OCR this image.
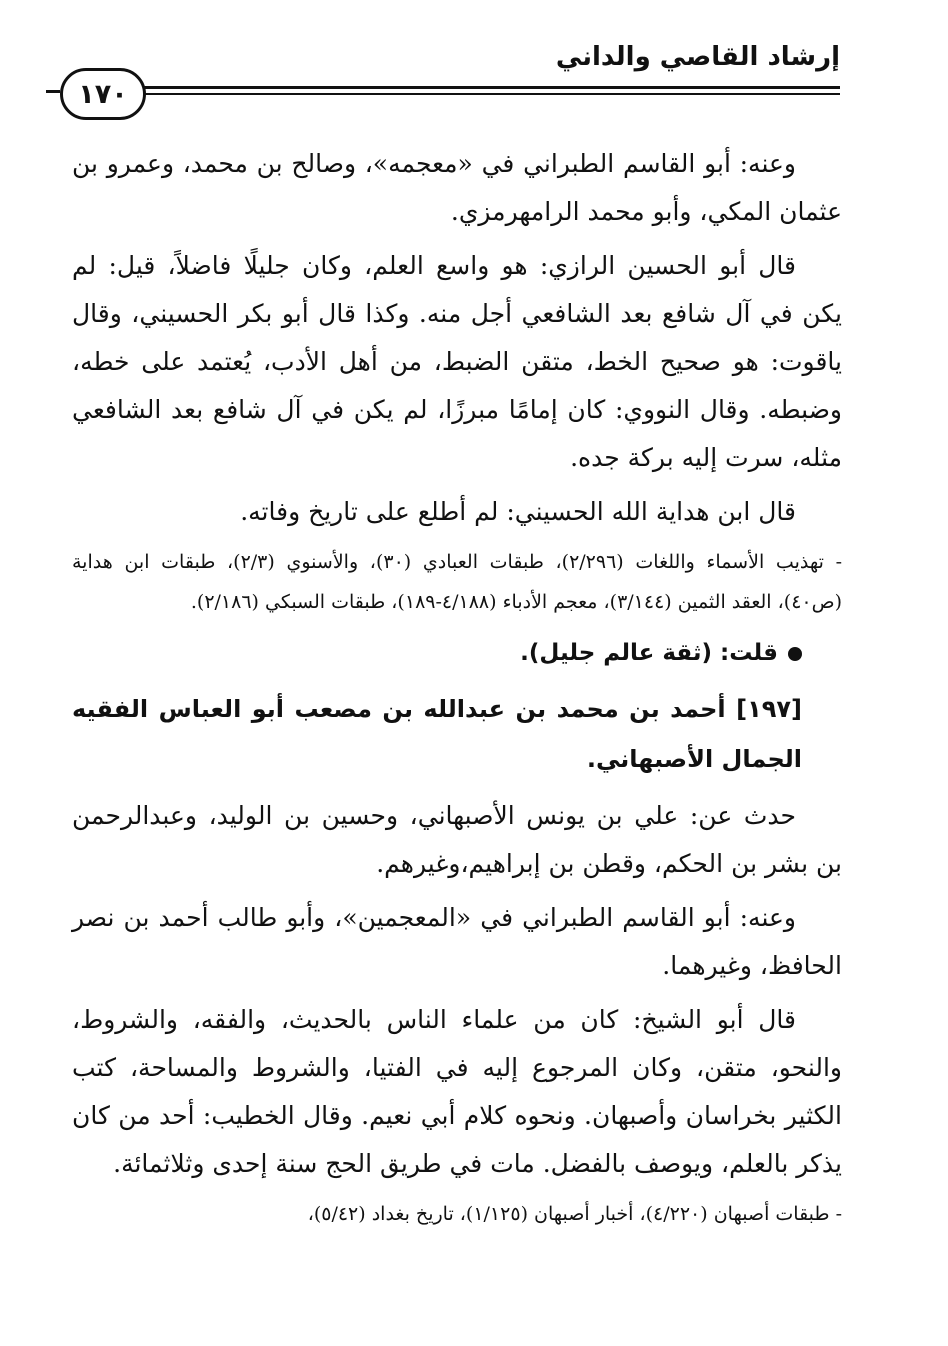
إرشاد القاصي والداني
١٧٠

وعنه: أبو القاسم الطبراني في «معجمه»، وصالح بن محمد، وعمرو بن عثمان المكي، وأبو محمد الرامهرمزي.

قال أبو الحسين الرازي: هو واسع العلم، وكان جليلًا فاضلاً، قيل: لم يكن في آل شافع بعد الشافعي أجل منه. وكذا قال أبو بكر الحسيني، وقال ياقوت: هو صحيح الخط، متقن الضبط، من أهل الأدب، يُعتمد على خطه، وضبطه. وقال النووي: كان إمامًا مبرزًا، لم يكن في آل شافع بعد الشافعي مثله، سرت إليه بركة جده.

قال ابن هداية الله الحسيني: لم أطلع على تاريخ وفاته.

- تهذيب الأسماء واللغات (٢/٢٩٦)، طبقات العبادي (٣٠)، والأسنوي (٢/٣)، طبقات ابن هداية (ص٤٠)، العقد الثمين (٣/١٤٤)، معجم الأدباء (٤/١٨٨-١٨٩)، طبقات السبكي (٢/١٨٦).

قلت: (ثقة عالم جليل).

[١٩٧] أحمد بن محمد بن عبدالله بن مصعب أبو العباس الفقيه الجمال الأصبهاني.

حدث عن: علي بن يونس الأصبهاني، وحسين بن الوليد، وعبدالرحمن بن بشر بن الحكم، وقطن بن إبراهيم،وغيرهم.

وعنه: أبو القاسم الطبراني في «المعجمين»، وأبو طالب أحمد بن نصر الحافظ، وغيرهما.

قال أبو الشيخ: كان من علماء الناس بالحديث، والفقه، والشروط، والنحو، متقن، وكان المرجوع إليه في الفتيا، والشروط والمساحة، كتب الكثير بخراسان وأصبهان. ونحوه كلام أبي نعيم. وقال الخطيب: أحد من كان يذكر بالعلم، ويوصف بالفضل. مات في طريق الحج سنة إحدى وثلاثمائة.

- طبقات أصبهان (٤/٢٢٠)، أخبار أصبهان (١/١٢٥)، تاريخ بغداد (٥/٤٢)،
